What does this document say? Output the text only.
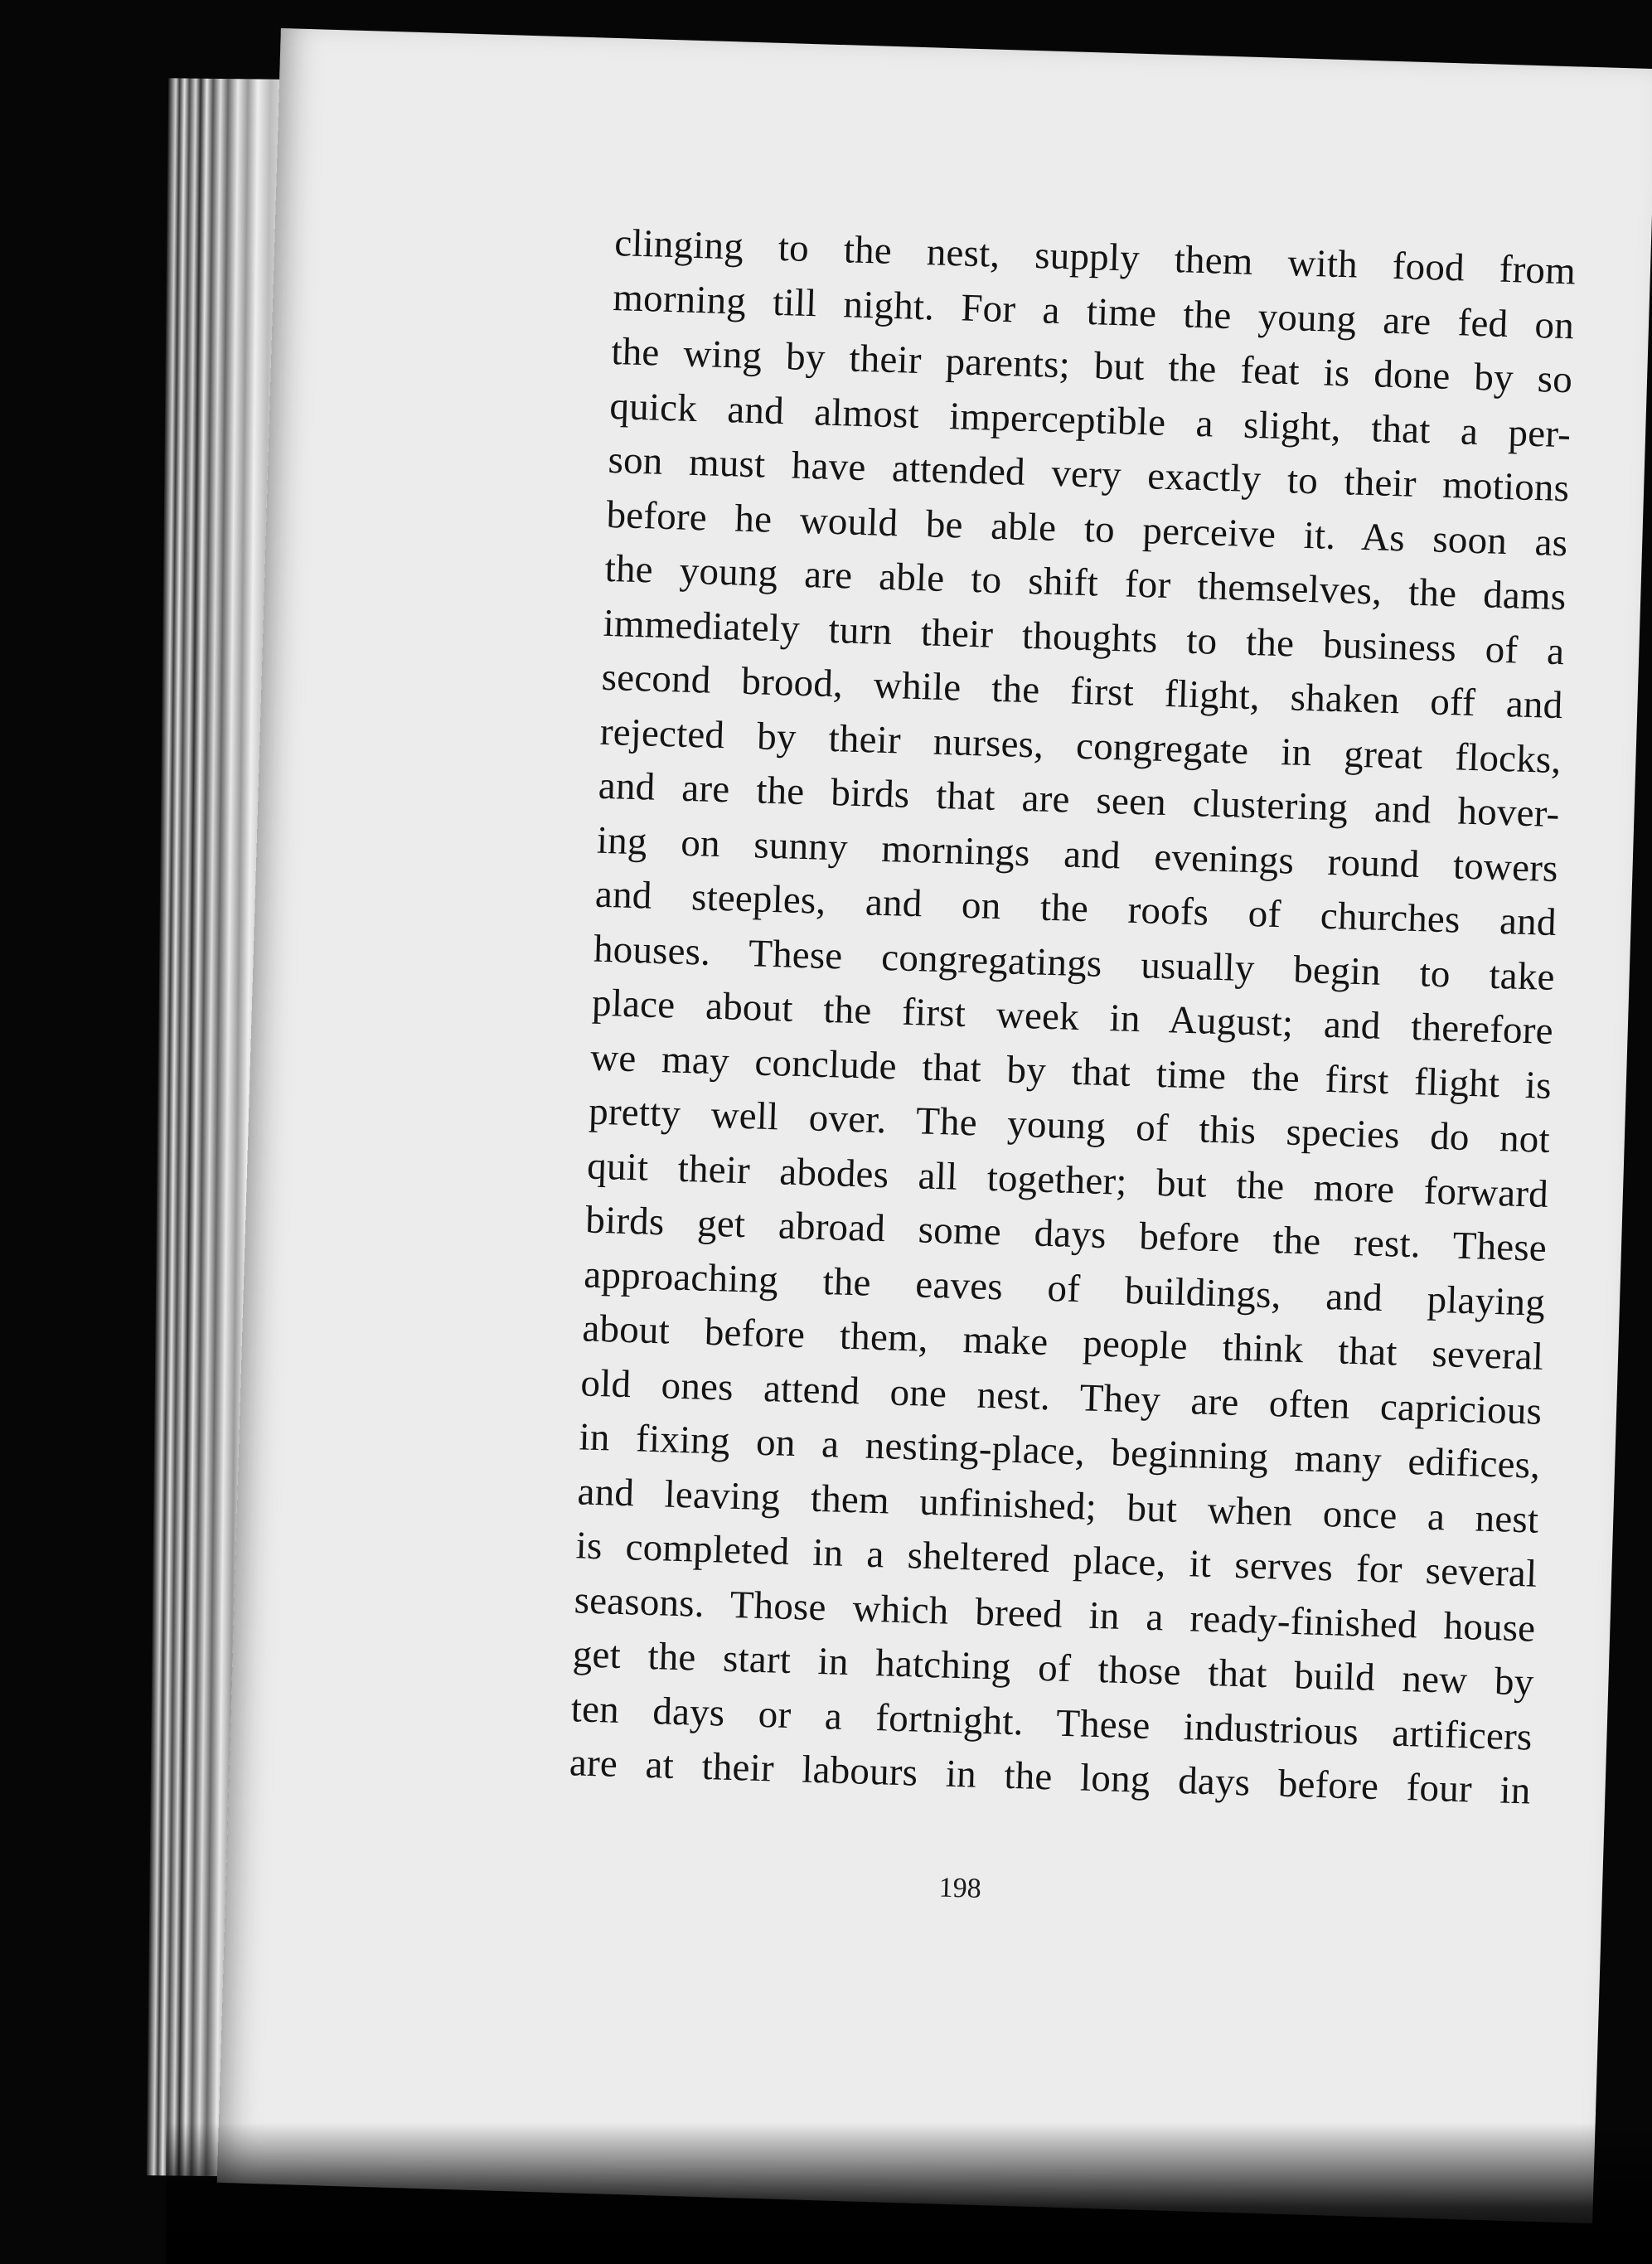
clinging to the nest, supply them with food from
morning till night. For a time the young are fed on
the wing by their parents; but the feat is done by so
quick and almost imperceptible a slight, that a per-
son must have attended very exactly to their motions
before he would be able to perceive it. As soon as
the young are able to shift for themselves, the dams
immediately turn their thoughts to the business of a
second brood, while the first flight, shaken off and
rejected by their nurses, congregate in great flocks,
and are the birds that are seen clustering and hover-
ing on sunny mornings and evenings round towers
and steeples, and on the roofs of churches and
houses. These congregatings usually begin to take
place about the first week in August; and therefore
we may conclude that by that time the first flight is
pretty well over. The young of this species do not
quit their abodes all together; but the more forward
birds get abroad some days before the rest. These
approaching the eaves of buildings, and playing
about before them, make people think that several
old ones attend one nest. They are often capricious
in fixing on a nesting-place, beginning many edifices,
and leaving them unfinished; but when once a nest
is completed in a sheltered place, it serves for several
seasons. Those which breed in a ready-finished house
get the start in hatching of those that build new by
ten days or a fortnight. These industrious artificers
are at their labours in the long days before four in
198
